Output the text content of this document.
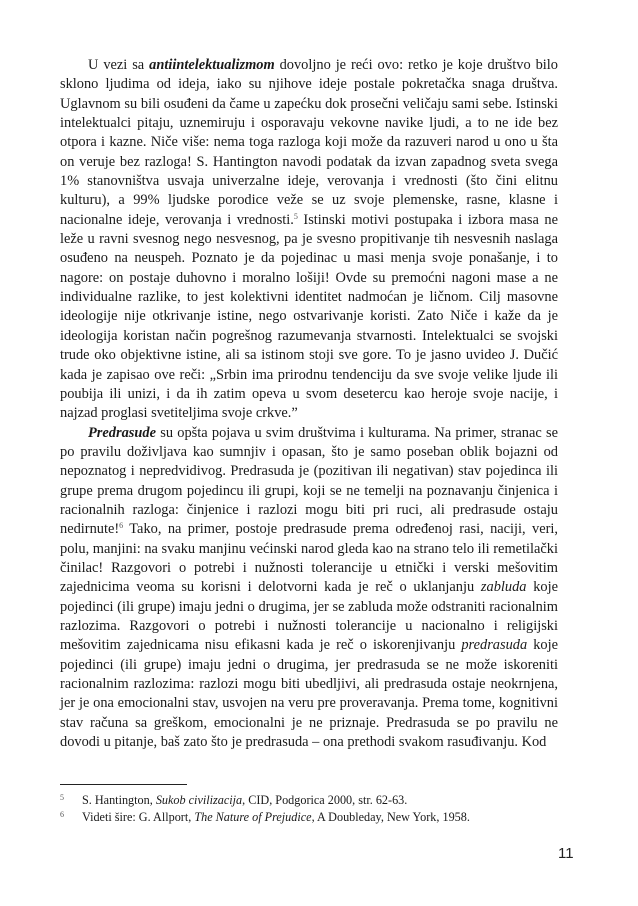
U vezi sa antiintelektualizmom dovoljno je reći ovo: retko je koje društvo bilo sklono ljudima od ideja, iako su njihove ideje postale pokretačka snaga društva. Uglavnom su bili osuđeni da čame u zapećku dok prosečni veličaju sami sebe. Istinski intelektualci pitaju, uznemiruju i osporavaju vekovne navike ljudi, a to ne ide bez otpora i kazne. Niče više: nema toga razloga koji može da razuveri narod u ono u šta on veruje bez razloga! S. Hantington navodi podatak da izvan zapadnog sveta svega 1% stanovništva usvaja univerzalne ideje, verovanja i vrednosti (što čini elitnu kulturu), a 99% ljudske porodice veže se uz svoje plemenske, rasne, klasne i nacionalne ideje, verovanja i vrednosti.$^5$ Istinski motivi postupaka i izbora masa ne leže u ravni svesnog nego nesvesnog, pa je svesno propitivanje tih nesvesnih naslaga osuđeno na neuspeh. Poznato je da pojedinac u masi menja svoje ponašanje, i to nagore: on postaje duhovno i moralno lošiji! Ovde su premoćni nagoni mase a ne individualne razlike, to jest kolektivni identitet nadmoćan je ličnom. Cilj masovne ideologije nije otkrivanje istine, nego ostvarivanje koristi. Zato Niče i kaže da je ideologija koristan način pogrešnog razumevanja stvarnosti. Intelektualci se svojski trude oko objektivne istine, ali sa istinom stoji sve gore. To je jasno uvideo J. Dučić kada je zapisao ove reči: „Srbin ima prirodnu tendenciju da sve svoje velike ljude ili poubija ili unizi, i da ih zatim opeva u svom desetercu kao heroje svoje nacije, i najzad proglasi svetiteljima svoje crkve.”

Predrasude su opšta pojava u svim društvima i kulturama. Na primer, stranac se po pravilu doživljava kao sumnjiv i opasan, što je samo poseban oblik bojazni od nepoznatog i nepredvidivog. Predrasuda je (pozitivan ili negativan) stav pojedinca ili grupe prema drugom pojedincu ili grupi, koji se ne temelji na poznavanju činjenica i racionalnih razloga: činjenice i razlozi mogu biti pri ruci, ali predrasude ostaju nedirnute!$^6$ Tako, na primer, postoje predrasude prema određenoj rasi, naciji, veri, polu, manjini: na svaku manjinu većinski narod gleda kao na strano telo ili remetilački činilac! Razgovori o potrebi i nužnosti tolerancije u etnički i verski mešovitim zajednicima veoma su korisni i delotvorni kada je reč o uklanjanju zabluda koje pojedinci (ili grupe) imaju jedni o drugima, jer se zabluda može odstraniti racionalnim razlozima. Razgovori o potrebi i nužnosti tolerancije u nacionalno i religijski mešovitim zajednicama nisu efikasni kada je reč o iskorenjivanju predrasuda koje pojedinci (ili grupe) imaju jedni o drugima, jer predrasuda se ne može iskoreniti racionalnim razlozima: razlozi mogu biti ubedljivi, ali predrasuda ostaje neokrnjena, jer je ona emocionalni stav, usvojen na veru pre proveravanja. Prema tome, kognitivni stav računa sa greškom, emocionalni je ne priznaje. Predrasuda se po pravilu ne dovodi u pitanje, baš zato što je predrasuda – ona prethodi svakom rasuđivanju. Kod

5 S. Hantington, Sukob civilizacija, CID, Podgorica 2000, str. 62-63.
6 Videti šire: G. Allport, The Nature of Prejudice, A Doubleday, New York, 1958.
11
